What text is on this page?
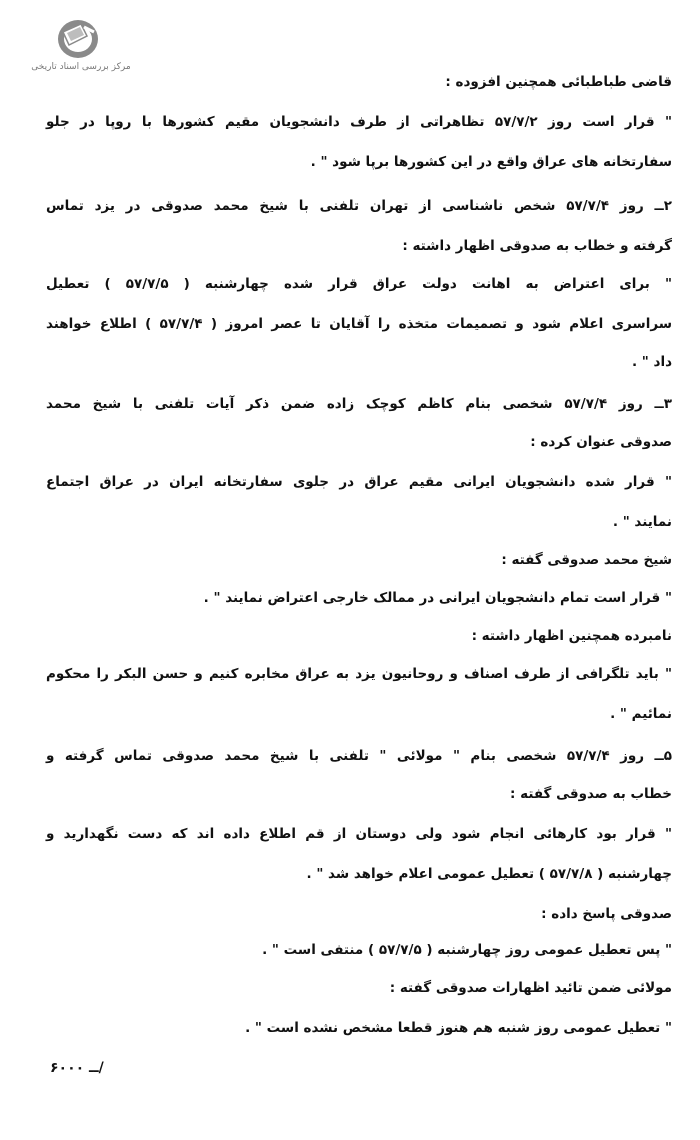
مرکز بررسی اسناد تاریخی
قاضی طباطبائی همچنین افزوده :
" قرار است روز ۵۷/۷/۲ تظاهراتی از طرف دانشجویان مقیم کشورها با روپا در جلو
سفارتخانه های عراق واقع در این کشورها برپا شود " .
۲ــ روز ۵۷/۷/۴ شخص ناشناسی از تهران تلفنی با شیخ محمد صدوقی در یزد تماس
گرفته و خطاب به صدوقی اظهار داشته :
" برای اعتراض به اهانت دولت عراق قرار شده چهارشنبه ( ۵۷/۷/۵ ) تعطیل
سراسری اعلام شود و تصمیمات متخذه را آقایان تا عصر امروز ( ۵۷/۷/۴ ) اطلاع خواهند
داد " .
۳ــ روز ۵۷/۷/۴ شخصی بنام کاظم کوچک زاده ضمن ذکر آیات تلفنی با شیخ محمد
صدوقی عنوان کرده :
" قرار شده دانشجویان ایرانی مقیم عراق در جلوی سفارتخانه ایران در عراق اجتماع
نمایند " .
شیخ محمد صدوقی گفته :
" قرار است تمام دانشجویان ایرانی در ممالک خارجی اعتراض نمایند " .
نامبرده همچنین اظهار داشته :
" باید تلگرافی از طرف اصناف و روحانیون یزد به عراق مخابره کنیم و حسن البکر را محکوم
نمائیم " .
۵ــ روز ۵۷/۷/۴ شخصی بنام " مولائی " تلفنی با شیخ محمد صدوقی تماس گرفته و
خطاب به صدوقی گفته :
" قرار بود کارهائی انجام شود ولی دوستان از قم اطلاع داده اند که دست نگهدارید و
چهارشنبه ( ۵۷/۷/۸ ) تعطیل عمومی اعلام خواهد شد " .
صدوقی پاسخ داده :
" پس تعطیل عمومی روز چهارشنبه ( ۵۷/۷/۵ ) منتفی است " .
مولائی ضمن تائید اظهارات صدوقی گفته :
" تعطیل عمومی روز شنبه هم هنوز قطعا مشخص نشده است " .
۶ــ ۰۰۰/
